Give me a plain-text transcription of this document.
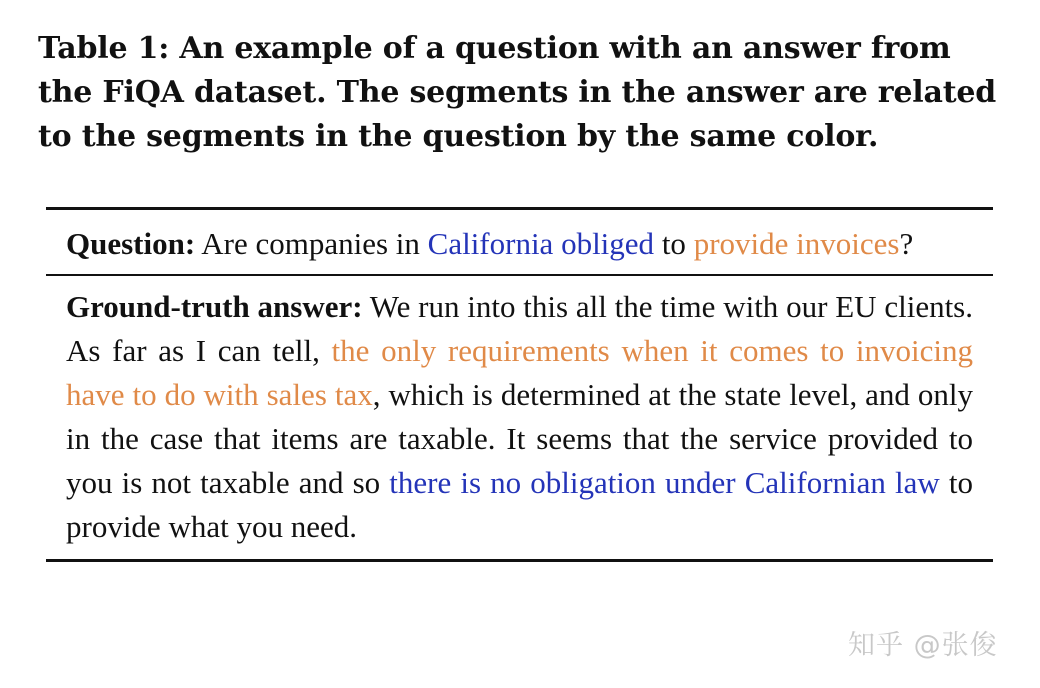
Table 1: An example of a question with an answer from the FiQA dataset. The segments in the answer are related to the segments in the question by the same color.
Question: Are companies in California obliged to provide invoices?
Ground-truth answer: We run into this all the time with our EU clients. As far as I can tell, the only requirements when it comes to invoicing have to do with sales tax, which is determined at the state level, and only in the case that items are taxable. It seems that the service provided to you is not taxable and so there is no obligation under Californian law to provide what you need.
知乎 @张俊
